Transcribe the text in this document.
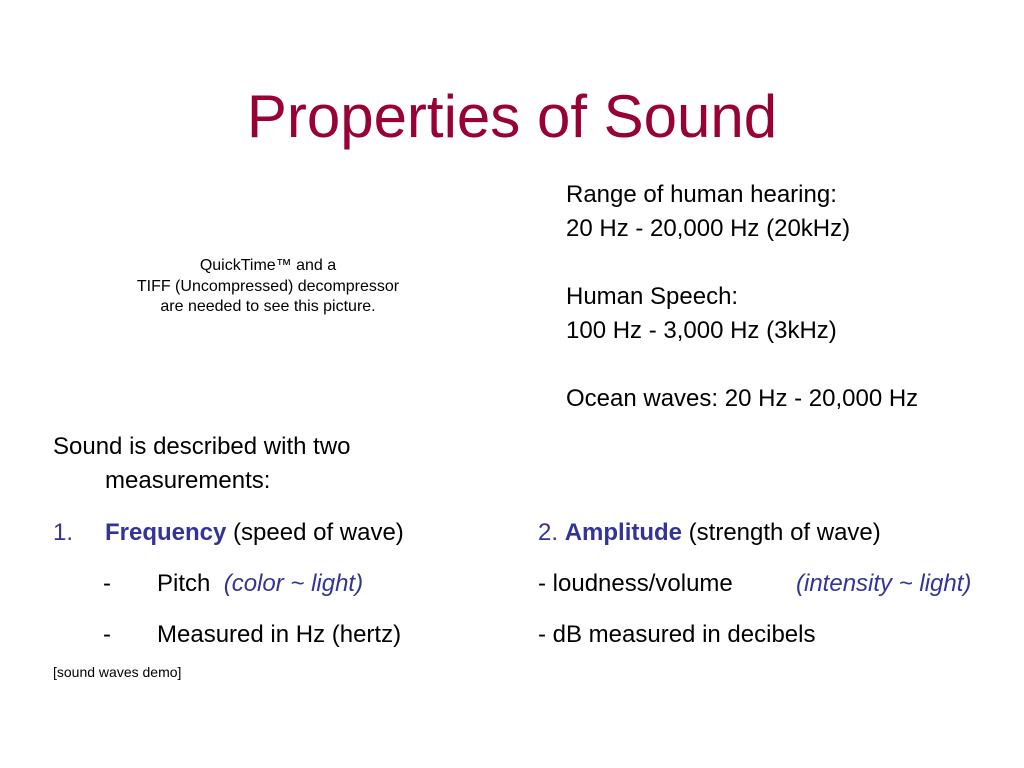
Properties of Sound
QuickTime™ and a
TIFF (Uncompressed) decompressor
are needed to see this picture.
Range of human hearing:
20 Hz - 20,000 Hz (20kHz)
Human Speech:
100 Hz - 3,000 Hz (3kHz)
Ocean waves: 20 Hz - 20,000 Hz
Sound is described with two
measurements:
1. Frequency (speed of wave)
- Pitch (color ~ light)
- Measured in Hz (hertz)
2. Amplitude (strength of wave)
- loudness/volume	(intensity ~ light)
- dB measured in decibels
[sound waves demo]
